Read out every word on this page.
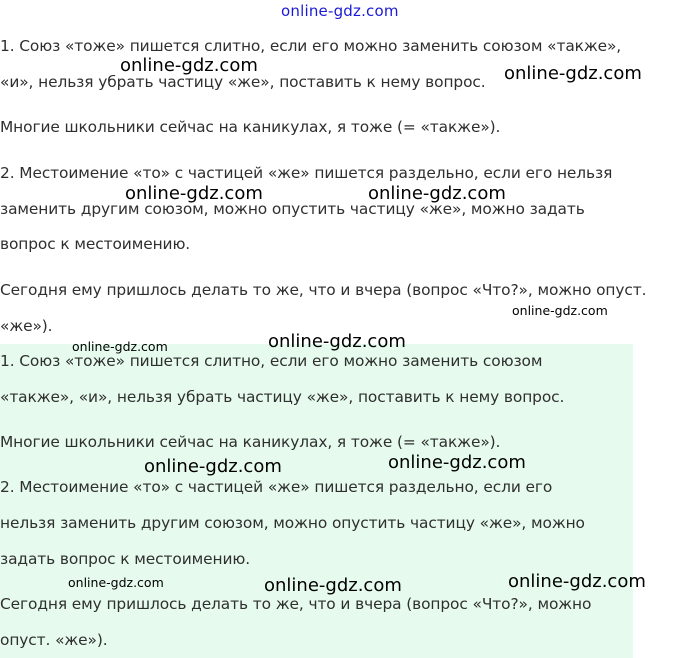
online-gdz.com

1. Союз «тоже» пишется слитно, если его можно заменить союзом «также»,

«и», нельзя убрать частицу «же», поставить к нему вопрос.

Многие школьники сейчас на каникулах, я тоже (= «также»).

2. Местоимение «то» с частицей «же» пишется раздельно, если его нельзя

заменить другим союзом, можно опустить частицу «же», можно задать

вопрос к местоимению.

Сегодня ему пришлось делать то же, что и вчера (вопрос «Что?», можно опуст.

«же»).

1. Союз «тоже» пишется слитно, если его можно заменить союзом

«также», «и», нельзя убрать частицу «же», поставить к нему вопрос.

Многие школьники сейчас на каникулах, я тоже (= «также»).

2. Местоимение «то» с частицей «же» пишется раздельно, если его

нельзя заменить другим союзом, можно опустить частицу «же», можно

задать вопрос к местоимению.

Сегодня ему пришлось делать то же, что и вчера (вопрос «Что?», можно

опуст. «же»).

online-gdz.com	online-gdz.com
online-gdz.com	online-gdz.com
online-gdz.com
online-gdz.com
online-gdz.com
online-gdz.com	online-gdz.com
online-gdz.com	online-gdz.com	online-gdz.com
